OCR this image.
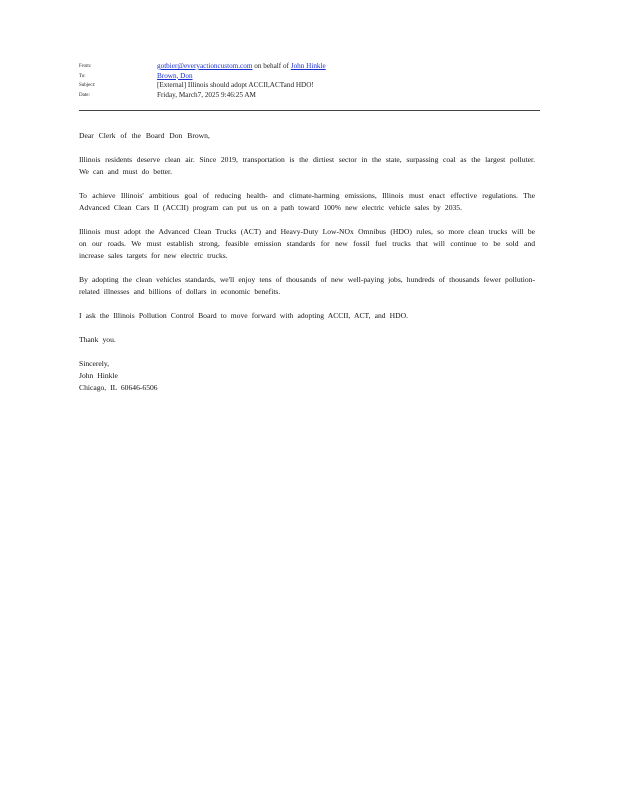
From:	gotbier@everyactioncustom.com on behalf of John Hinkle
To:	Brown, Don
Subject:	[External] Illinois should adopt ACCII,ACTand HDO!
Date:	Friday, March7, 2025 9:46:25 AM

Dear Clerk of the Board Don Brown,

Illinois residents deserve clean air. Since 2019, transportation is the dirtiest sector in the state, surpassing coal as the largest polluter. We can and must do better.

To achieve Illinois' ambitious goal of reducing health- and climate-harming emissions, Illinois must enact effective regulations. The Advanced Clean Cars II (ACCII) program can put us on a path toward 100% new electric vehicle sales by 2035.

Illinois must adopt the Advanced Clean Trucks (ACT) and Heavy-Duty Low-NOx Omnibus (HDO) rules, so more clean trucks will be on our roads. We must establish strong, feasible emission standards for new fossil fuel trucks that will continue to be sold and increase sales targets for new electric trucks.

By adopting the clean vehicles standards, we'll enjoy tens of thousands of new well-paying jobs, hundreds of thousands fewer pollution-related illnesses and billions of dollars in economic benefits.

I ask the Illinois Pollution Control Board to move forward with adopting ACCII, ACT, and HDO.

Thank you.

Sincerely,

John Hinkle

Chicago, IL 60646-6506
